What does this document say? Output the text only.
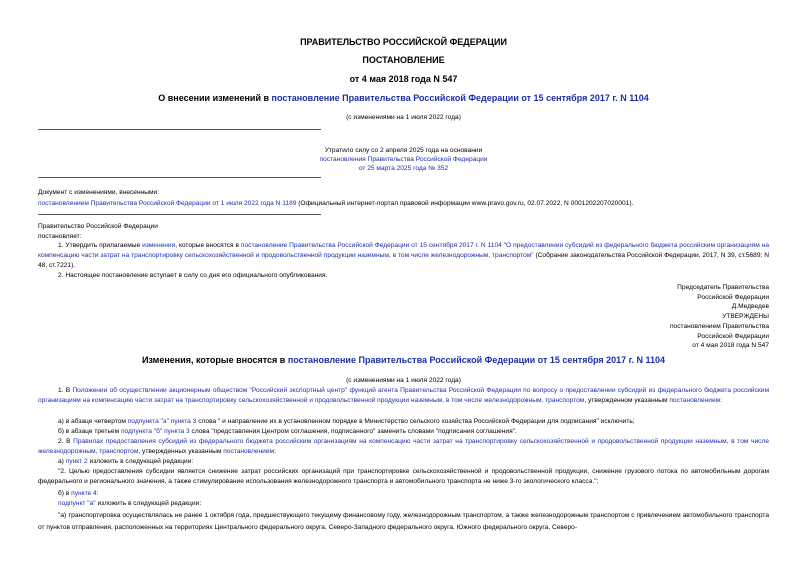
ПРАВИТЕЛЬСТВО РОССИЙСКОЙ ФЕДЕРАЦИИ
ПОСТАНОВЛЕНИЕ
от 4 мая 2018 года N 547
О внесении изменений в постановление Правительства Российской Федерации от 15 сентября 2017 г. N 1104
(с изменениями на 1 июля 2022 года)
Утратило силу со 2 апреля 2025 года на основании
постановления Правительства Российской Федерации
от 25 марта 2025 года № 352
Документ с изменениями, внесенными:
постановлением Правительства Российской Федерации от 1 июля 2022 года N 1189 (Официальный интернет-портал правовой информации www.pravo.gov.ru, 02.07.2022, N 0001202207020001).
Правительство Российской Федерации
постановляет:
1. Утвердить прилагаемые изменения, которые вносятся в постановление Правительства Российской Федерации от 15 сентября 2017 г. N 1104 "О предоставлении субсидий из федерального бюджета российским организациям на компенсацию части затрат на транспортировку сельскохозяйственной и продовольственной продукции наземным, в том числе железнодорожным, транспортом" (Собрание законодательства Российской Федерации, 2017, N 39, ст.5689; N 48, ст.7221).
2. Настоящее постановление вступает в силу со дня его официального опубликования.
Председатель Правительства
Российской Федерации
Д.Медведев
УТВЕРЖДЕНЫ
постановлением Правительства
Российской Федерации
от 4 мая 2018 года N 547
Изменения, которые вносятся в постановление Правительства Российской Федерации от 15 сентября 2017 г. N 1104
(с изменениями на 1 июля 2022 года)
1. В Положении об осуществлении акционерным обществом "Российский экспортный центр" функций агента Правительства Российской Федерации по вопросу о предоставлении субсидий из федерального бюджета российским организациям на компенсацию части затрат на транспортировку сельскохозяйственной и продовольственной продукции наземным, в том числе железнодорожным, транспортом, утвержденном указанным постановлением:
а) в абзаце четвертом подпункта "а" пункта 3 слова " и направление их в установленном порядке в Министерство сельского хозяйства Российской Федерации для подписания" исключить;
б) в абзаце третьем подпункта "б" пункта 3 слова "представления Центром соглашения, подписанного" заменить словами "подписания соглашения".
2. В Правилах предоставления субсидий из федерального бюджета российским организациям на компенсацию части затрат на транспортировку сельскохозяйственной и продовольственной продукции наземным, в том числе железнодорожным, транспортом, утвержденных указанным постановлением:
а) пункт 2 изложить в следующей редакции:
"2. Целью предоставления субсидии является снижение затрат российских организаций при транспортировке сельскохозяйственной и продовольственной продукции, снижение грузового потока по автомобильным дорогам федерального и регионального значения, а также стимулирование использования железнодорожного транспорта и автомобильного транспорта не ниже 3-го экологического класса.";
б) в пункте 4:
подпункт "а" изложить в следующей редакции:
"а) транспортировка осуществлялась не ранее 1 октября года, предшествующего текущему финансовому году, железнодорожным транспортом, а также железнодорожным транспортом с привлечением автомобильного транспорта от пунктов отправления, расположенных на территориях Центрального федерального округа, Северо-Западного федерального округа, Южного федерального округа, Северо-
